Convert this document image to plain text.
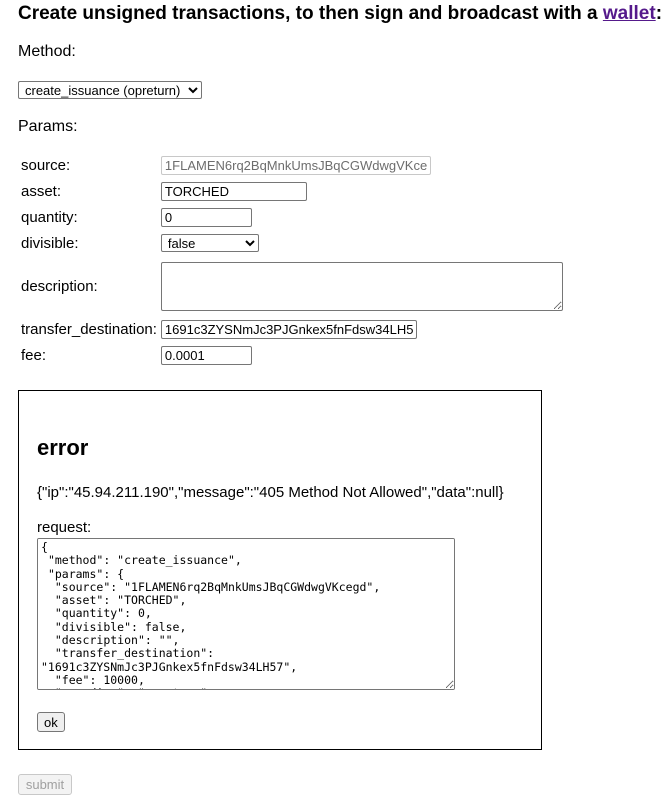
Create unsigned transactions, to then sign and broadcast with a wallet:
Method:
create_issuance (opreturn)
Params:
source:	1FLAMEN6rq2BqMnkUmsJBqCGWdwgVKcegd
asset:	TORCHED
quantity:	0
divisible:	
false
description:	

transfer_destination:	1691c3ZYSNmJc3PJGnkex5fnFdsw34LH57
fee:	0.0001
error
{"ip":"45.94.211.190","message":"405 Method Not Allowed","data":null}
request:
{ "method": "create_issuance", "params": { "source": "1FLAMEN6rq2BqMnkUmsJBqCGWdwgVKcegd", "asset": "TORCHED", "quantity": 0, "divisible": false, "description": "", "transfer_destination": "1691c3ZYSNmJc3PJGnkex5fnFdsw34LH57", "fee": 10000, "encoding": "opreturn" }, "jsonrpc": "2.0", "id": 0 }
ok
submit
